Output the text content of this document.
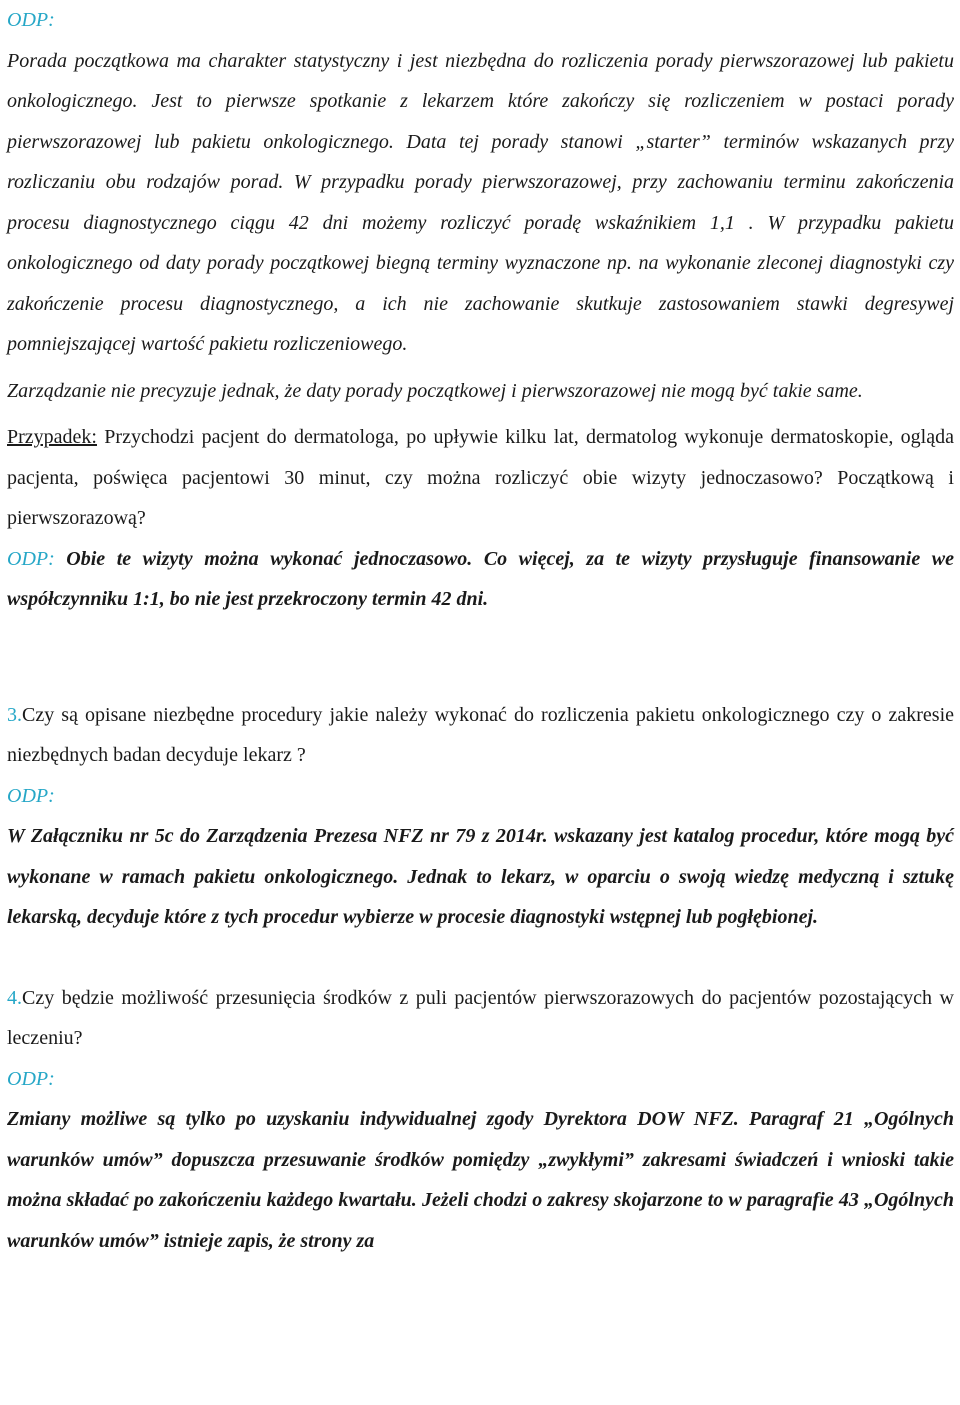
ODP:

Porada początkowa ma charakter statystyczny i jest niezbędna do rozliczenia porady pierwszorazowej lub pakietu onkologicznego. Jest to pierwsze spotkanie z lekarzem które zakończy się rozliczeniem w postaci porady pierwszorazowej lub pakietu onkologicznego. Data tej porady stanowi „starter” terminów wskazanych przy rozliczaniu obu rodzajów porad. W przypadku porady pierwszorazowej, przy zachowaniu terminu zakończenia procesu diagnostycznego ciągu 42 dni możemy rozliczyć poradę wskaźnikiem 1,1 . W przypadku pakietu onkologicznego od daty porady początkowej biegną terminy wyznaczone np. na wykonanie zleconej diagnostyki czy zakończenie procesu diagnostycznego, a ich nie zachowanie skutkuje zastosowaniem stawki degresywej pomniejszającej wartość pakietu rozliczeniowego.

Zarządzanie nie precyzuje jednak, że daty porady początkowej i pierwszorazowej nie mogą być takie same.

Przypadek: Przychodzi pacjent do dermatologa, po upływie kilku lat, dermatolog wykonuje dermatoskopie, ogląda pacjenta, poświęca pacjentowi 30 minut, czy można rozliczyć obie wizyty jednoczasowo? Początkową i pierwszorazową?

ODP: Obie te wizyty można wykonać jednoczasowo. Co więcej, za te wizyty przysługuje finansowanie we współczynniku 1:1, bo nie jest przekroczony termin 42 dni.

3.Czy są opisane niezbędne procedury jakie należy wykonać do rozliczenia pakietu onkologicznego czy o zakresie niezbędnych badan decyduje lekarz ?

ODP:

W Załączniku nr 5c do Zarządzenia Prezesa NFZ nr 79 z 2014r. wskazany jest katalog procedur, które mogą być wykonane w ramach pakietu onkologicznego. Jednak to lekarz, w oparciu o swoją wiedzę medyczną i sztukę lekarską, decyduje które z tych procedur wybierze w procesie diagnostyki wstępnej lub pogłębionej.

4.Czy będzie możliwość przesunięcia środków z puli pacjentów pierwszorazowych do pacjentów pozostających w leczeniu?

ODP:

Zmiany możliwe są tylko po uzyskaniu indywidualnej zgody Dyrektora DOW NFZ. Paragraf 21 „Ogólnych warunków umów” dopuszcza przesuwanie środków pomiędzy „zwykłymi” zakresami świadczeń i wnioski takie można składać po zakończeniu każdego kwartału. Jeżeli chodzi o zakresy skojarzone to w paragrafie 43 „Ogólnych warunków umów” istnieje zapis, że strony za
